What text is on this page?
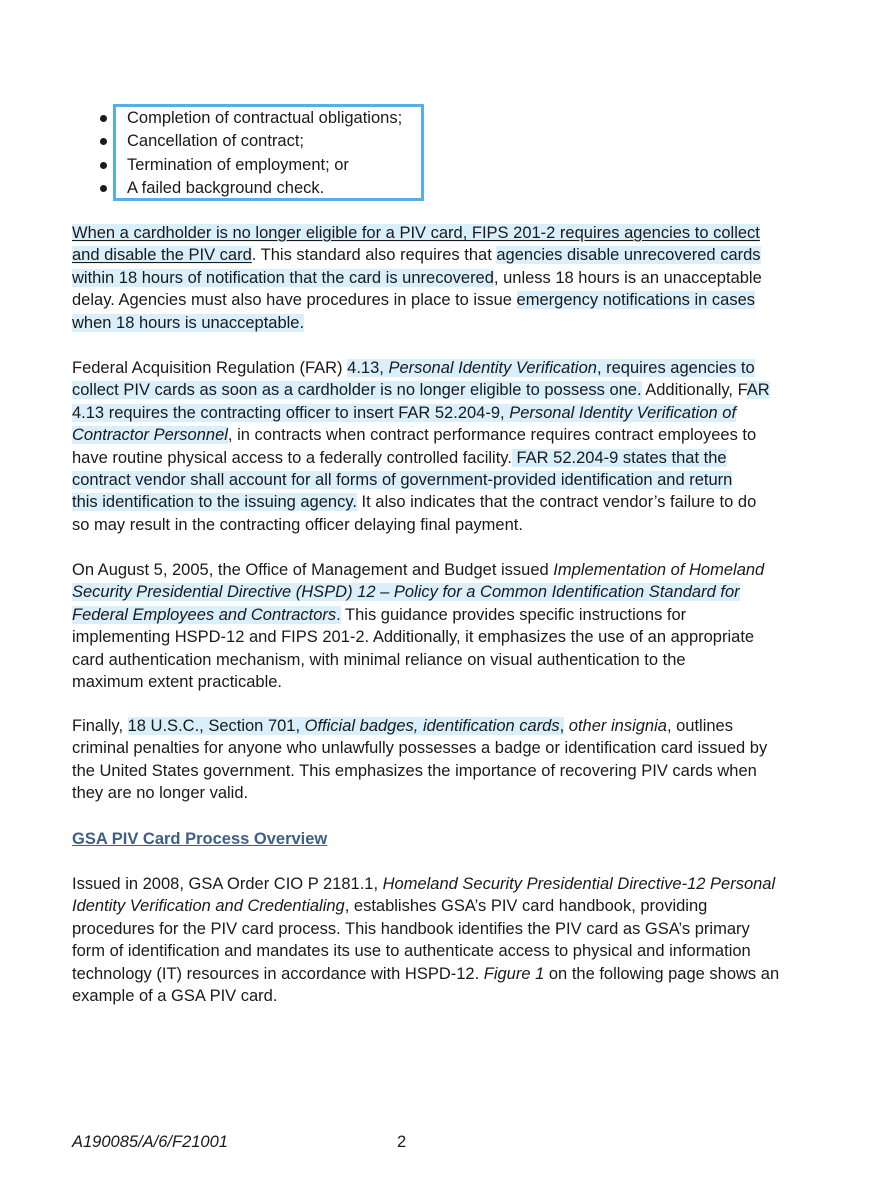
Completion of contractual obligations;
Cancellation of contract;
Termination of employment; or
A failed background check.

When a cardholder is no longer eligible for a PIV card, FIPS 201-2 requires agencies to collect
and disable the PIV card. This standard also requires that agencies disable unrecovered cards
within 18 hours of notification that the card is unrecovered, unless 18 hours is an unacceptable
delay. Agencies must also have procedures in place to issue emergency notifications in cases
when 18 hours is unacceptable.

Federal Acquisition Regulation (FAR) 4.13, Personal Identity Verification, requires agencies to
collect PIV cards as soon as a cardholder is no longer eligible to possess one. Additionally, FAR
4.13 requires the contracting officer to insert FAR 52.204-9, Personal Identity Verification of
Contractor Personnel, in contracts when contract performance requires contract employees to
have routine physical access to a federally controlled facility. FAR 52.204-9 states that the
contract vendor shall account for all forms of government-provided identification and return
this identification to the issuing agency. It also indicates that the contract vendor’s failure to do
so may result in the contracting officer delaying final payment.

On August 5, 2005, the Office of Management and Budget issued Implementation of Homeland
Security Presidential Directive (HSPD) 12 – Policy for a Common Identification Standard for
Federal Employees and Contractors. This guidance provides specific instructions for
implementing HSPD-12 and FIPS 201-2. Additionally, it emphasizes the use of an appropriate
card authentication mechanism, with minimal reliance on visual authentication to the
maximum extent practicable.

Finally, 18 U.S.C., Section 701, Official badges, identification cards, other insignia, outlines
criminal penalties for anyone who unlawfully possesses a badge or identification card issued by
the United States government. This emphasizes the importance of recovering PIV cards when
they are no longer valid.

GSA PIV Card Process Overview

Issued in 2008, GSA Order CIO P 2181.1, Homeland Security Presidential Directive-12 Personal
Identity Verification and Credentialing, establishes GSA’s PIV card handbook, providing
procedures for the PIV card process. This handbook identifies the PIV card as GSA’s primary
form of identification and mandates its use to authenticate access to physical and information
technology (IT) resources in accordance with HSPD-12. Figure 1 on the following page shows an
example of a GSA PIV card.

A190085/A/6/F21001	2
